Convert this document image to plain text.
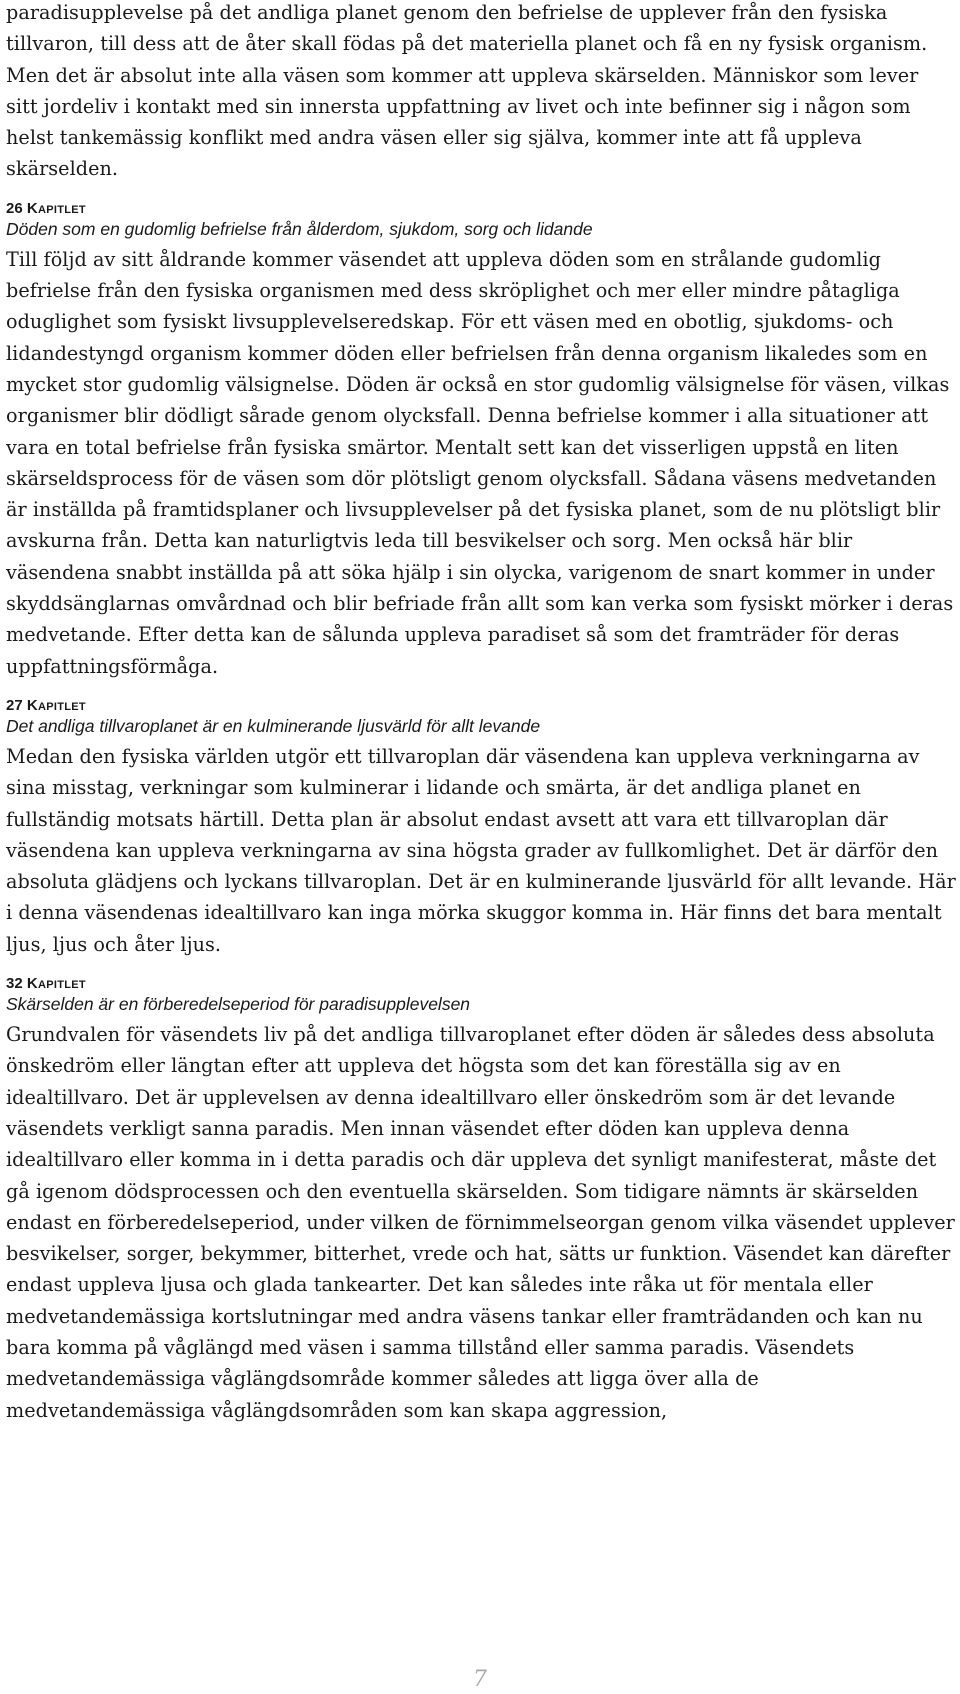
paradisupplevelse på det andliga planet genom den befrielse de upplever från den fysiska tillvaron, till dess att de åter skall födas på det materiella planet och få en ny fysisk organism. Men det är absolut inte alla väsen som kommer att uppleva skärselden. Människor som lever sitt jordeliv i kontakt med sin innersta uppfattning av livet och inte befinner sig i någon som helst tankemässig konflikt med andra väsen eller sig själva, kommer inte att få uppleva skärselden.

26 Kapitlet

Döden som en gudomlig befrielse från ålderdom, sjukdom, sorg och lidande

Till följd av sitt åldrande kommer väsendet att uppleva döden som en strålande gudomlig befrielse från den fysiska organismen med dess skröplighet och mer eller mindre påtagliga oduglighet som fysiskt livsupplevelseredskap. För ett väsen med en obotlig, sjukdoms- och lidandestyngd organism kommer döden eller befrielsen från denna organism likaledes som en mycket stor gudomlig välsignelse. Döden är också en stor gudomlig välsignelse för väsen, vilkas organismer blir dödligt sårade genom olycksfall. Denna befrielse kommer i alla situationer att vara en total befrielse från fysiska smärtor. Mentalt sett kan det visserligen uppstå en liten skärseldsprocess för de väsen som dör plötsligt genom olycksfall. Sådana väsens medvetanden är inställda på framtidsplaner och livsupplevelser på det fysiska planet, som de nu plötsligt blir avskurna från. Detta kan naturligtvis leda till besvikelser och sorg. Men också här blir väsendena snabbt inställda på att söka hjälp i sin olycka, varigenom de snart kommer in under skyddsänglarnas omvårdnad och blir befriade från allt som kan verka som fysiskt mörker i deras medvetande. Efter detta kan de sålunda uppleva paradiset så som det framträder för deras uppfattningsförmåga.

27 Kapitlet

Det andliga tillvaroplanet är en kulminerande ljusvärld för allt levande

Medan den fysiska världen utgör ett tillvaroplan där väsendena kan uppleva verkningarna av sina misstag, verkningar som kulminerar i lidande och smärta, är det andliga planet en fullständig motsats härtill. Detta plan är absolut endast avsett att vara ett tillvaroplan där väsendena kan uppleva verkningarna av sina högsta grader av fullkomlighet. Det är därför den absoluta glädjens och lyckans tillvaroplan. Det är en kulminerande ljusvärld för allt levande. Här i denna väsendenas idealtillvaro kan inga mörka skuggor komma in. Här finns det bara mentalt ljus, ljus och åter ljus.

32 Kapitlet

Skärselden är en förberedelseperiod för paradisupplevelsen

Grundvalen för väsendets liv på det andliga tillvaroplanet efter döden är således dess absoluta önskedröm eller längtan efter att uppleva det högsta som det kan föreställa sig av en idealtillvaro. Det är upplevelsen av denna idealtillvaro eller önskedröm som är det levande väsendets verkligt sanna paradis. Men innan väsendet efter döden kan uppleva denna idealtillvaro eller komma in i detta paradis och där uppleva det synligt manifesterat, måste det gå igenom dödsprocessen och den eventuella skärselden. Som tidigare nämnts är skärselden endast en förberedelseperiod, under vilken de förnimmelseorgan genom vilka väsendet upplever besvikelser, sorger, bekymmer, bitterhet, vrede och hat, sätts ur funktion. Väsendet kan därefter endast uppleva ljusa och glada tankearter. Det kan således inte råka ut för mentala eller medvetandemässiga kortslutningar med andra väsens tankar eller framträdanden och kan nu bara komma på våglängd med väsen i samma tillstånd eller samma paradis. Väsendets medvetandemässiga våglängdsområde kommer således att ligga över alla de medvetandemässiga våglängdsområden som kan skapa aggression,

7
